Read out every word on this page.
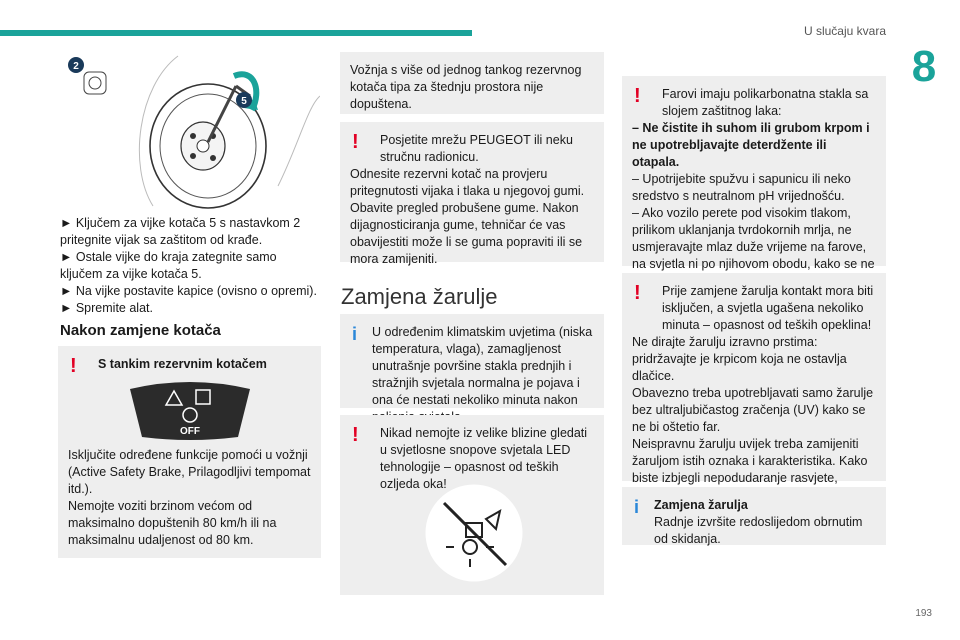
U slučaju kvara
8
193
2
5

► Ključem za vijke kotača 5 s nastavkom 2 pritegnite vijak sa zaštitom od krađe.

► Ostale vijke do kraja zategnite samo ključem za vijke kotača 5.

► Na vijke postavite kapice (ovisno o opremi).

► Spremite alat.

Nakon zamjene kotača
!	S tankim rezervnim kotačem

OFF

Isključite određene funkcije pomoći u vožnji (Active Safety Brake, Prilagodljivi tempomat itd.).

Nemojte voziti brzinom većom od maksimalno dopuštenih 80 km/h ili na maksimalnu udaljenost od 80 km.

Vožnja s više od jednog tankog rezervnog kotača tipa za štednju prostora nije dopuštena.

!	Posjetite mrežu PEUGEOT ili neku stručnu radionicu.

Odnesite rezervni kotač na provjeru pritegnutosti vijaka i tlaka u njegovoj gumi. Obavite pregled probušene gume. Nakon dijagnosticiranja gume, tehničar će vas obavijestiti može li se guma popraviti ili se mora zamijeniti.

Zamjena žarulje
i	U određenim klimatskim uvjetima (niska temperatura, vlaga), zamagljenost unutrašnje površine stakla prednjih i stražnjih svjetala normalna je pojava i ona će nestati nekoliko minuta nakon

!	Nikad nemojte iz velike blizine gledati u svjetlosne snopove svjetala LED tehnologije – opasnost od teških ozljeda oka!

!	Farovi imaju polikarbonatna stakla sa slojem zaštitnog laka:

– Ne čistite ih suhom ili grubom krpom i ne upotrebljavajte deterdžente ili otapala.

– Upotrijebite spužvu i sapunicu ili neko sredstvo s neutralnom pH vrijednošću.

– Ako vozilo perete pod visokim tlakom, prilikom uklanjanja tvrdokornih mrlja, ne usmjeravajte mlaz duže vrijeme na farove, na svjetla ni po njihovom obodu, kako se ne

!	Prije zamjene žarulja kontakt mora biti isključen, a svjetla ugašena nekoliko minuta – opasnost od teških opeklina!

Ne dirajte žarulju izravno prstima: pridržavajte je krpicom koja ne ostavlja dlačice.

Obavezno treba upotrebljavati samo žarulje bez ultraljubičastog zračenja (UV) kako se ne bi oštetio far.

Neispravnu žarulju uvijek treba zamijeniti žaruljom istih oznaka i karakteristika. Kako biste izbjegli nepodudaranje rasvjete,

i	Zamjena žarulja

Radnje izvršite redoslijedom obrnutim od skidanja.
